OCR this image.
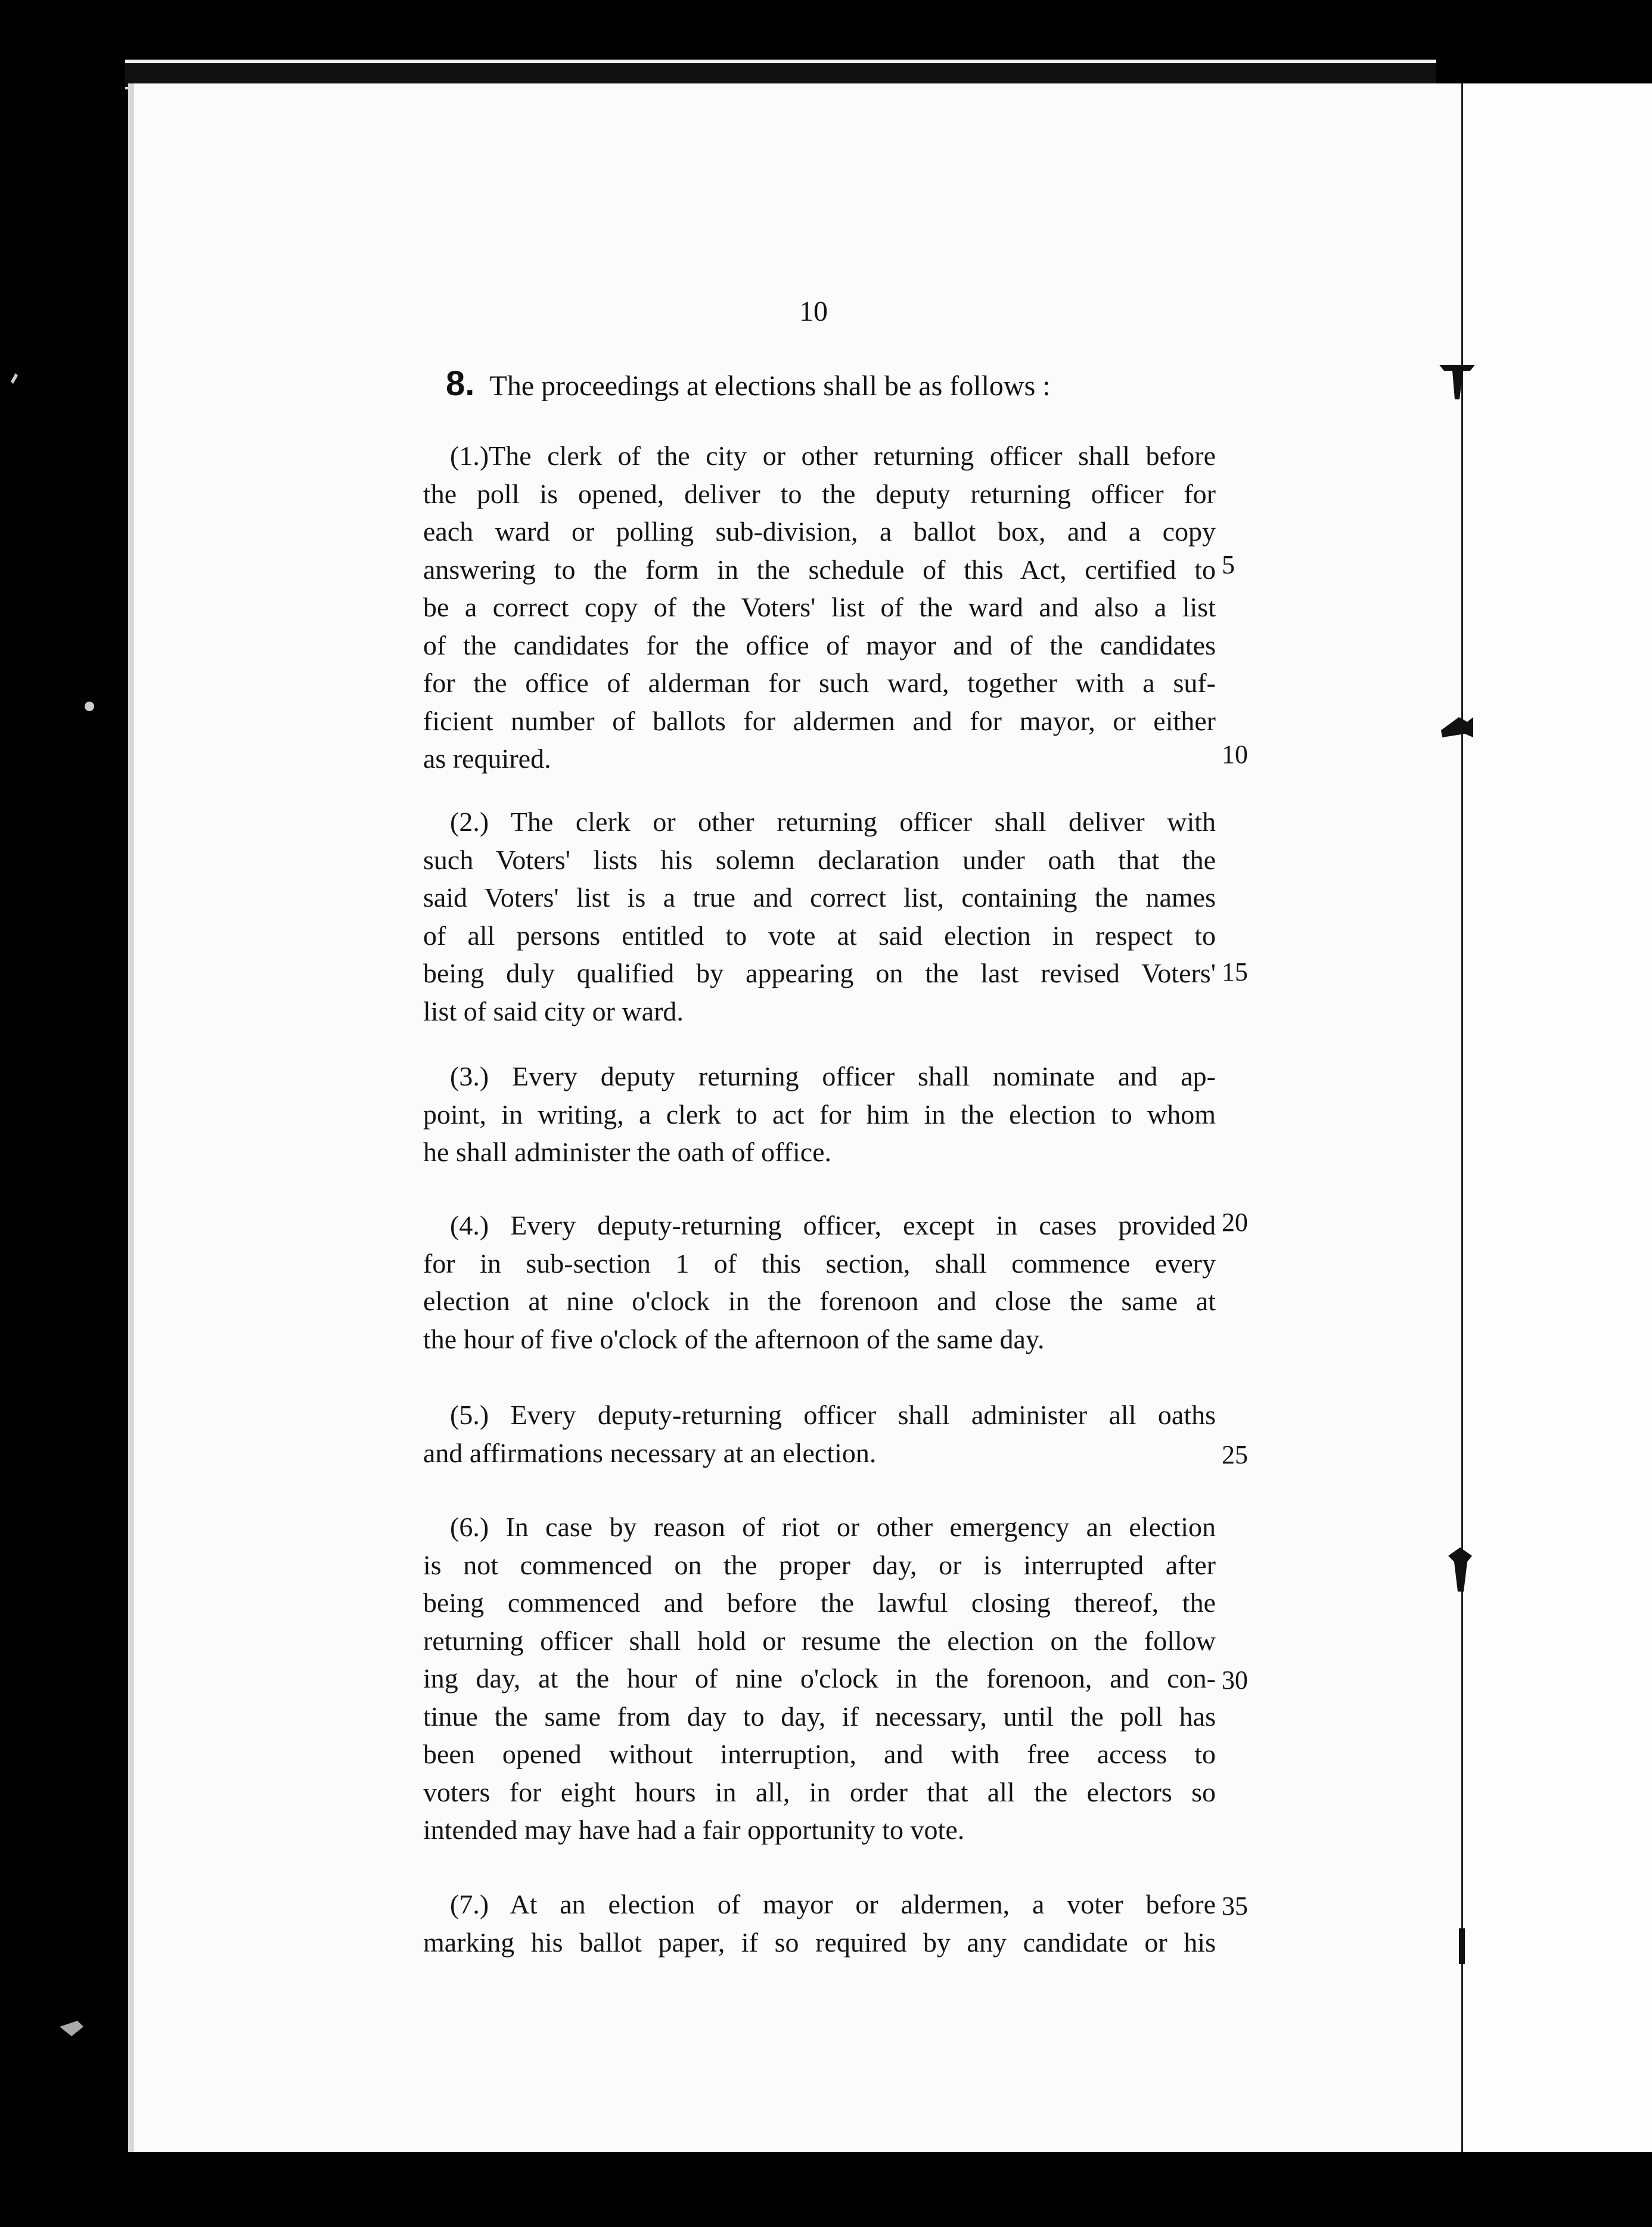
10
8. The proceedings at elections shall be as follows :
(1.)The clerk of the city or other returning officer shall before
the poll is opened, deliver to the deputy returning officer for
each ward or polling sub-division, a ballot box, and a copy
answering to the form in the schedule of this Act, certified to
be a correct copy of the Voters' list of the ward and also a list
of the candidates for the office of mayor and of the candidates
for the office of alderman for such ward, together with a suf-
ficient number of ballots for aldermen and for mayor, or either
as required.
(2.) The clerk or other returning officer shall deliver with
such Voters' lists his solemn declaration under oath that the
said Voters' list is a true and correct list, containing the names
of all persons entitled to vote at said election in respect to
being duly qualified by appearing on the last revised Voters'
list of said city or ward.
(3.) Every deputy returning officer shall nominate and ap-
point, in writing, a clerk to act for him in the election to whom
he shall administer the oath of office.
(4.) Every deputy-returning officer, except in cases provided
for in sub-section 1 of this section, shall commence every
election at nine o'clock in the forenoon and close the same at
the hour of five o'clock of the afternoon of the same day.
(5.) Every deputy-returning officer shall administer all oaths
and affirmations necessary at an election.
(6.) In case by reason of riot or other emergency an election
is not commenced on the proper day, or is interrupted after
being commenced and before the lawful closing thereof, the
returning officer shall hold or resume the election on the follow
ing day, at the hour of nine o'clock in the forenoon, and con-
tinue the same from day to day, if necessary, until the poll has
been opened without interruption, and with free access to
voters for eight hours in all, in order that all the electors so
intended may have had a fair opportunity to vote.
(7.) At an election of mayor or aldermen, a voter before
marking his ballot paper, if so required by any candidate or his
5
10
15
20
25
30
35
